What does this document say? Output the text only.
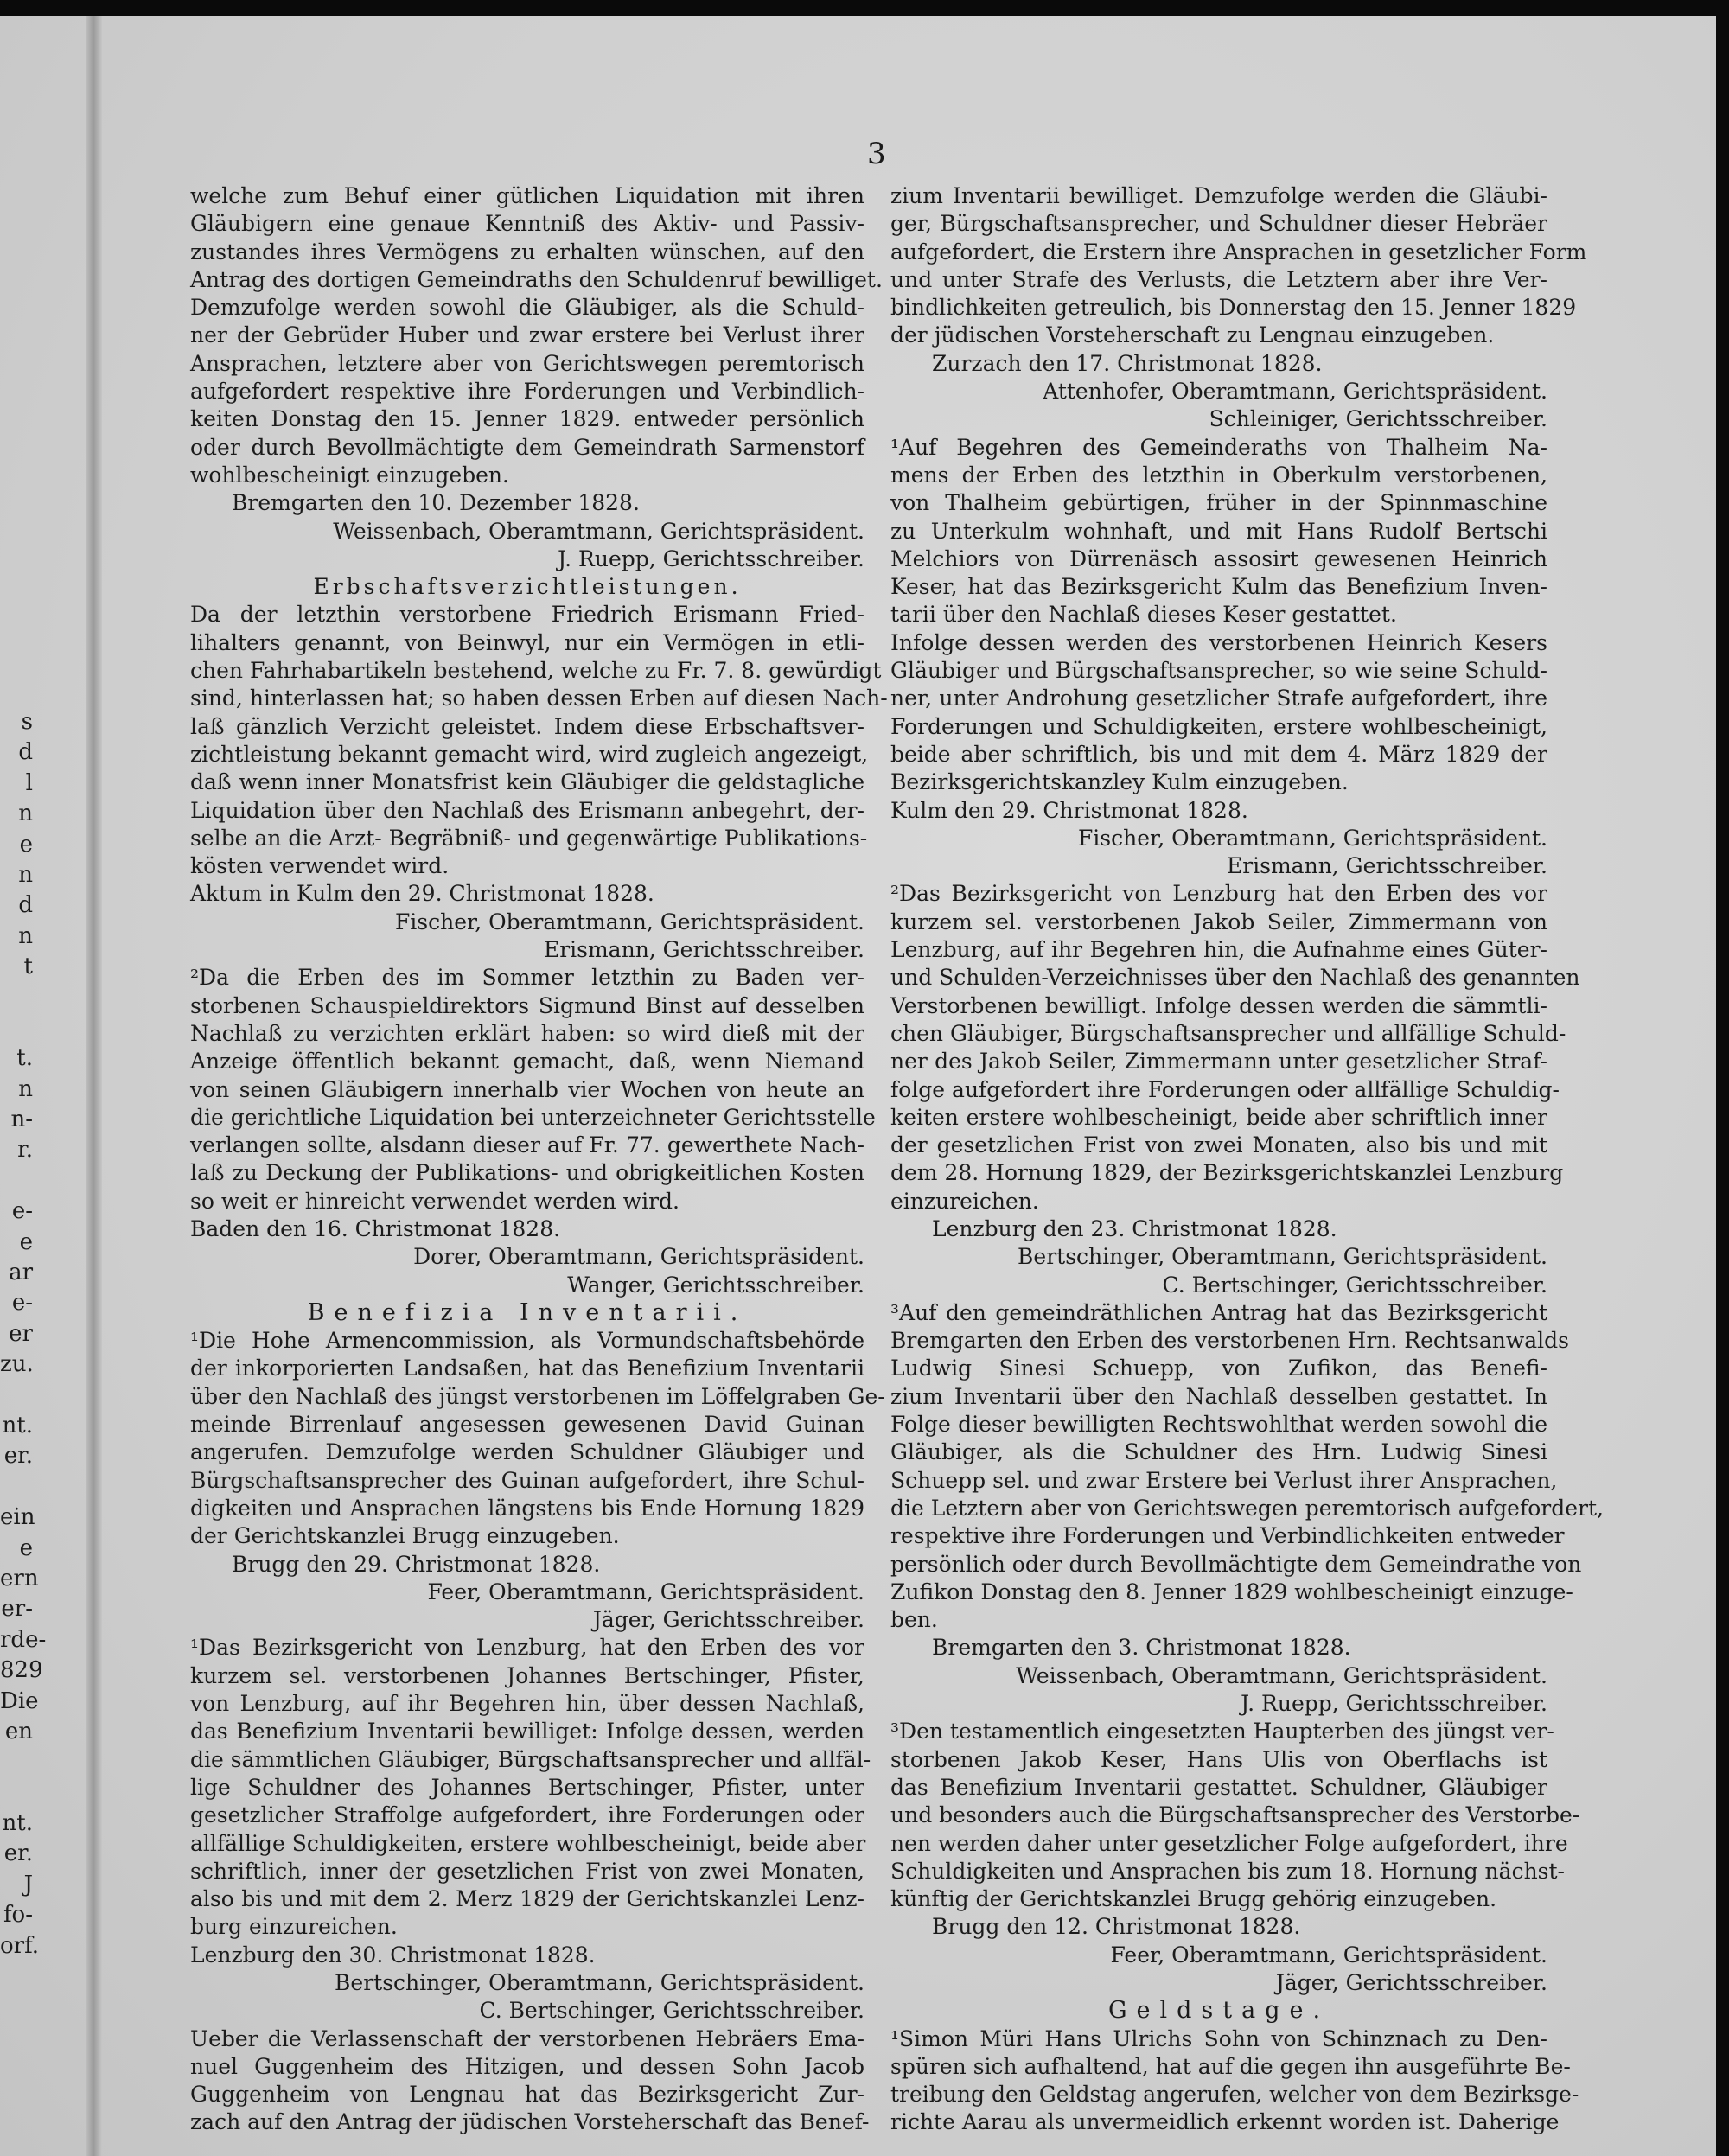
s
d
l
n
e
n
d
n
t
t.
n
n-
r.
e-
e
ar
e-
er
zu.
nt.
er.
ein
e
ern
er-
rde-
829
Die
en
nt.
er.
J
fo-
orf.
3
welche zum Behuf einer gütlichen Liquidation mit ihren
Gläubigern eine genaue Kenntniß des Aktiv- und Passiv-
zustandes ihres Vermögens zu erhalten wünschen, auf den
Antrag des dortigen Gemeindraths den Schuldenruf bewilliget.
Demzufolge werden sowohl die Gläubiger, als die Schuld-
ner der Gebrüder Huber und zwar erstere bei Verlust ihrer
Ansprachen, letztere aber von Gerichtswegen peremtorisch
aufgefordert respektive ihre Forderungen und Verbindlich-
keiten Donstag den 15. Jenner 1829. entweder persönlich
oder durch Bevollmächtigte dem Gemeindrath Sarmenstorf
wohlbescheinigt einzugeben.
Bremgarten den 10. Dezember 1828.
Weissenbach, Oberamtmann, Gerichtspräsident.
J. Ruepp, Gerichtsschreiber.
Erbschaftsverzichtleistungen.
Da der letzthin verstorbene Friedrich Erismann Fried-
lihalters genannt, von Beinwyl, nur ein Vermögen in etli-
chen Fahrhabartikeln bestehend, welche zu Fr. 7. 8. gewürdigt
sind, hinterlassen hat; so haben dessen Erben auf diesen Nach-
laß gänzlich Verzicht geleistet. Indem diese Erbschaftsver-
zichtleistung bekannt gemacht wird, wird zugleich angezeigt,
daß wenn inner Monatsfrist kein Gläubiger die geldstagliche
Liquidation über den Nachlaß des Erismann anbegehrt, der-
selbe an die Arzt- Begräbniß- und gegenwärtige Publikations-
kösten verwendet wird.
Aktum in Kulm den 29. Christmonat 1828.
Fischer, Oberamtmann, Gerichtspräsident.
Erismann, Gerichtsschreiber.
²Da die Erben des im Sommer letzthin zu Baden ver-
storbenen Schauspieldirektors Sigmund Binst auf desselben
Nachlaß zu verzichten erklärt haben: so wird dieß mit der
Anzeige öffentlich bekannt gemacht, daß, wenn Niemand
von seinen Gläubigern innerhalb vier Wochen von heute an
die gerichtliche Liquidation bei unterzeichneter Gerichtsstelle
verlangen sollte, alsdann dieser auf Fr. 77. gewerthete Nach-
laß zu Deckung der Publikations- und obrigkeitlichen Kosten
so weit er hinreicht verwendet werden wird.
Baden den 16. Christmonat 1828.
Dorer, Oberamtmann, Gerichtspräsident.
Wanger, Gerichtsschreiber.
Benefizia Inventarii.
¹Die Hohe Armencommission, als Vormundschaftsbehörde
der inkorporierten Landsaßen, hat das Benefizium Inventarii
über den Nachlaß des jüngst verstorbenen im Löffelgraben Ge-
meinde Birrenlauf angesessen gewesenen David Guinan
angerufen. Demzufolge werden Schuldner Gläubiger und
Bürgschaftsansprecher des Guinan aufgefordert, ihre Schul-
digkeiten und Ansprachen längstens bis Ende Hornung 1829
der Gerichtskanzlei Brugg einzugeben.
Brugg den 29. Christmonat 1828.
Feer, Oberamtmann, Gerichtspräsident.
Jäger, Gerichtsschreiber.
¹Das Bezirksgericht von Lenzburg, hat den Erben des vor
kurzem sel. verstorbenen Johannes Bertschinger, Pfister,
von Lenzburg, auf ihr Begehren hin, über dessen Nachlaß,
das Benefizium Inventarii bewilliget: Infolge dessen, werden
die sämmtlichen Gläubiger, Bürgschaftsansprecher und allfäl-
lige Schuldner des Johannes Bertschinger, Pfister, unter
gesetzlicher Straffolge aufgefordert, ihre Forderungen oder
allfällige Schuldigkeiten, erstere wohlbescheinigt, beide aber
schriftlich, inner der gesetzlichen Frist von zwei Monaten,
also bis und mit dem 2. Merz 1829 der Gerichtskanzlei Lenz-
burg einzureichen.
Lenzburg den 30. Christmonat 1828.
Bertschinger, Oberamtmann, Gerichtspräsident.
C. Bertschinger, Gerichtsschreiber.
Ueber die Verlassenschaft der verstorbenen Hebräers Ema-
nuel Guggenheim des Hitzigen, und dessen Sohn Jacob
Guggenheim von Lengnau hat das Bezirksgericht Zur-
zach auf den Antrag der jüdischen Vorsteherschaft das Benef-
zium Inventarii bewilliget. Demzufolge werden die Gläubi-
ger, Bürgschaftsansprecher, und Schuldner dieser Hebräer
aufgefordert, die Erstern ihre Ansprachen in gesetzlicher Form
und unter Strafe des Verlusts, die Letztern aber ihre Ver-
bindlichkeiten getreulich, bis Donnerstag den 15. Jenner 1829
der jüdischen Vorsteherschaft zu Lengnau einzugeben.
Zurzach den 17. Christmonat 1828.
Attenhofer, Oberamtmann, Gerichtspräsident.
Schleiniger, Gerichtsschreiber.
¹Auf Begehren des Gemeinderaths von Thalheim Na-
mens der Erben des letzthin in Oberkulm verstorbenen,
von Thalheim gebürtigen, früher in der Spinnmaschine
zu Unterkulm wohnhaft, und mit Hans Rudolf Bertschi
Melchiors von Dürrenäsch assosirt gewesenen Heinrich
Keser, hat das Bezirksgericht Kulm das Benefizium Inven-
tarii über den Nachlaß dieses Keser gestattet.
Infolge dessen werden des verstorbenen Heinrich Kesers
Gläubiger und Bürgschaftsansprecher, so wie seine Schuld-
ner, unter Androhung gesetzlicher Strafe aufgefordert, ihre
Forderungen und Schuldigkeiten, erstere wohlbescheinigt,
beide aber schriftlich, bis und mit dem 4. März 1829 der
Bezirksgerichtskanzley Kulm einzugeben.
Kulm den 29. Christmonat 1828.
Fischer, Oberamtmann, Gerichtspräsident.
Erismann, Gerichtsschreiber.
²Das Bezirksgericht von Lenzburg hat den Erben des vor
kurzem sel. verstorbenen Jakob Seiler, Zimmermann von
Lenzburg, auf ihr Begehren hin, die Aufnahme eines Güter-
und Schulden-Verzeichnisses über den Nachlaß des genannten
Verstorbenen bewilligt. Infolge dessen werden die sämmtli-
chen Gläubiger, Bürgschaftsansprecher und allfällige Schuld-
ner des Jakob Seiler, Zimmermann unter gesetzlicher Straf-
folge aufgefordert ihre Forderungen oder allfällige Schuldig-
keiten erstere wohlbescheinigt, beide aber schriftlich inner
der gesetzlichen Frist von zwei Monaten, also bis und mit
dem 28. Hornung 1829, der Bezirksgerichtskanzlei Lenzburg
einzureichen.
Lenzburg den 23. Christmonat 1828.
Bertschinger, Oberamtmann, Gerichtspräsident.
C. Bertschinger, Gerichtsschreiber.
³Auf den gemeindräthlichen Antrag hat das Bezirksgericht
Bremgarten den Erben des verstorbenen Hrn. Rechtsanwalds
Ludwig Sinesi Schuepp, von Zufikon, das Benefi-
zium Inventarii über den Nachlaß desselben gestattet. In
Folge dieser bewilligten Rechtswohlthat werden sowohl die
Gläubiger, als die Schuldner des Hrn. Ludwig Sinesi
Schuepp sel. und zwar Erstere bei Verlust ihrer Ansprachen,
die Letztern aber von Gerichtswegen peremtorisch aufgefordert,
respektive ihre Forderungen und Verbindlichkeiten entweder
persönlich oder durch Bevollmächtigte dem Gemeindrathe von
Zufikon Donstag den 8. Jenner 1829 wohlbescheinigt einzuge-
ben.
Bremgarten den 3. Christmonat 1828.
Weissenbach, Oberamtmann, Gerichtspräsident.
J. Ruepp, Gerichtsschreiber.
³Den testamentlich eingesetzten Haupterben des jüngst ver-
storbenen Jakob Keser, Hans Ulis von Oberflachs ist
das Benefizium Inventarii gestattet. Schuldner, Gläubiger
und besonders auch die Bürgschaftsansprecher des Verstorbe-
nen werden daher unter gesetzlicher Folge aufgefordert, ihre
Schuldigkeiten und Ansprachen bis zum 18. Hornung nächst-
künftig der Gerichtskanzlei Brugg gehörig einzugeben.
Brugg den 12. Christmonat 1828.
Feer, Oberamtmann, Gerichtspräsident.
Jäger, Gerichtsschreiber.
Geldstage.
¹Simon Müri Hans Ulrichs Sohn von Schinznach zu Den-
spüren sich aufhaltend, hat auf die gegen ihn ausgeführte Be-
treibung den Geldstag angerufen, welcher von dem Bezirksge-
richte Aarau als unvermeidlich erkennt worden ist. Daherige
